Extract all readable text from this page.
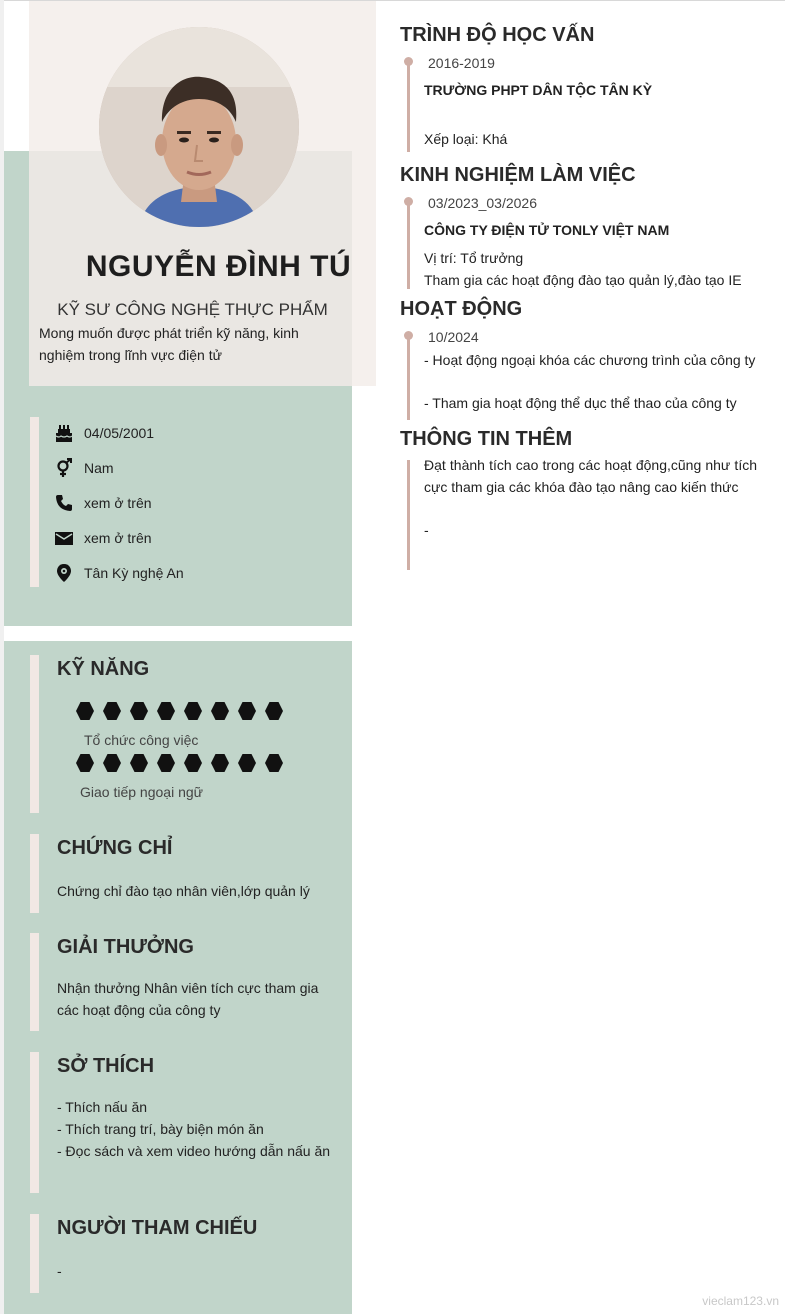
NGUYỄN ĐÌNH TÚ
KỸ SƯ CÔNG NGHỆ THỰC PHẨM
Mong muốn được phát triển kỹ năng, kinh nghiệm trong lĩnh vực điện tử
04/05/2001
Nam
xem ở trên
xem ở trên
Tân Kỳ nghệ An
KỸ NĂNG
Tổ chức công việc
Giao tiếp ngoại ngữ
CHỨNG CHỈ
Chứng chỉ đào tạo nhân viên,lớp quản lý
GIẢI THƯỞNG
Nhận thưởng Nhân viên tích cực tham gia các hoạt động của công ty
SỞ THÍCH
- Thích nấu ăn
- Thích trang trí, bày biện món ăn
- Đọc sách và xem video hướng dẫn nấu ăn
NGƯỜI THAM CHIẾU
-
TRÌNH ĐỘ HỌC VẤN
2016-2019
TRƯỜNG PHPT DÂN TỘC TÂN KỲ
Xếp loại: Khá
KINH NGHIỆM LÀM VIỆC
03/2023_03/2026
CÔNG TY ĐIỆN TỬ TONLY VIỆT NAM
Vị trí: Tổ trưởng
Tham gia các hoạt động đào tạo quản lý,đào tạo IE
HOẠT ĐỘNG
10/2024
- Hoạt động ngoại khóa các chương trình của công ty
- Tham gia hoạt động thể dục thể thao của công ty
THÔNG TIN THÊM
Đạt thành tích cao trong các hoạt động,cũng như tích cực tham gia các khóa đào tạo nâng cao kiến thức
-
vieclam123.vn
